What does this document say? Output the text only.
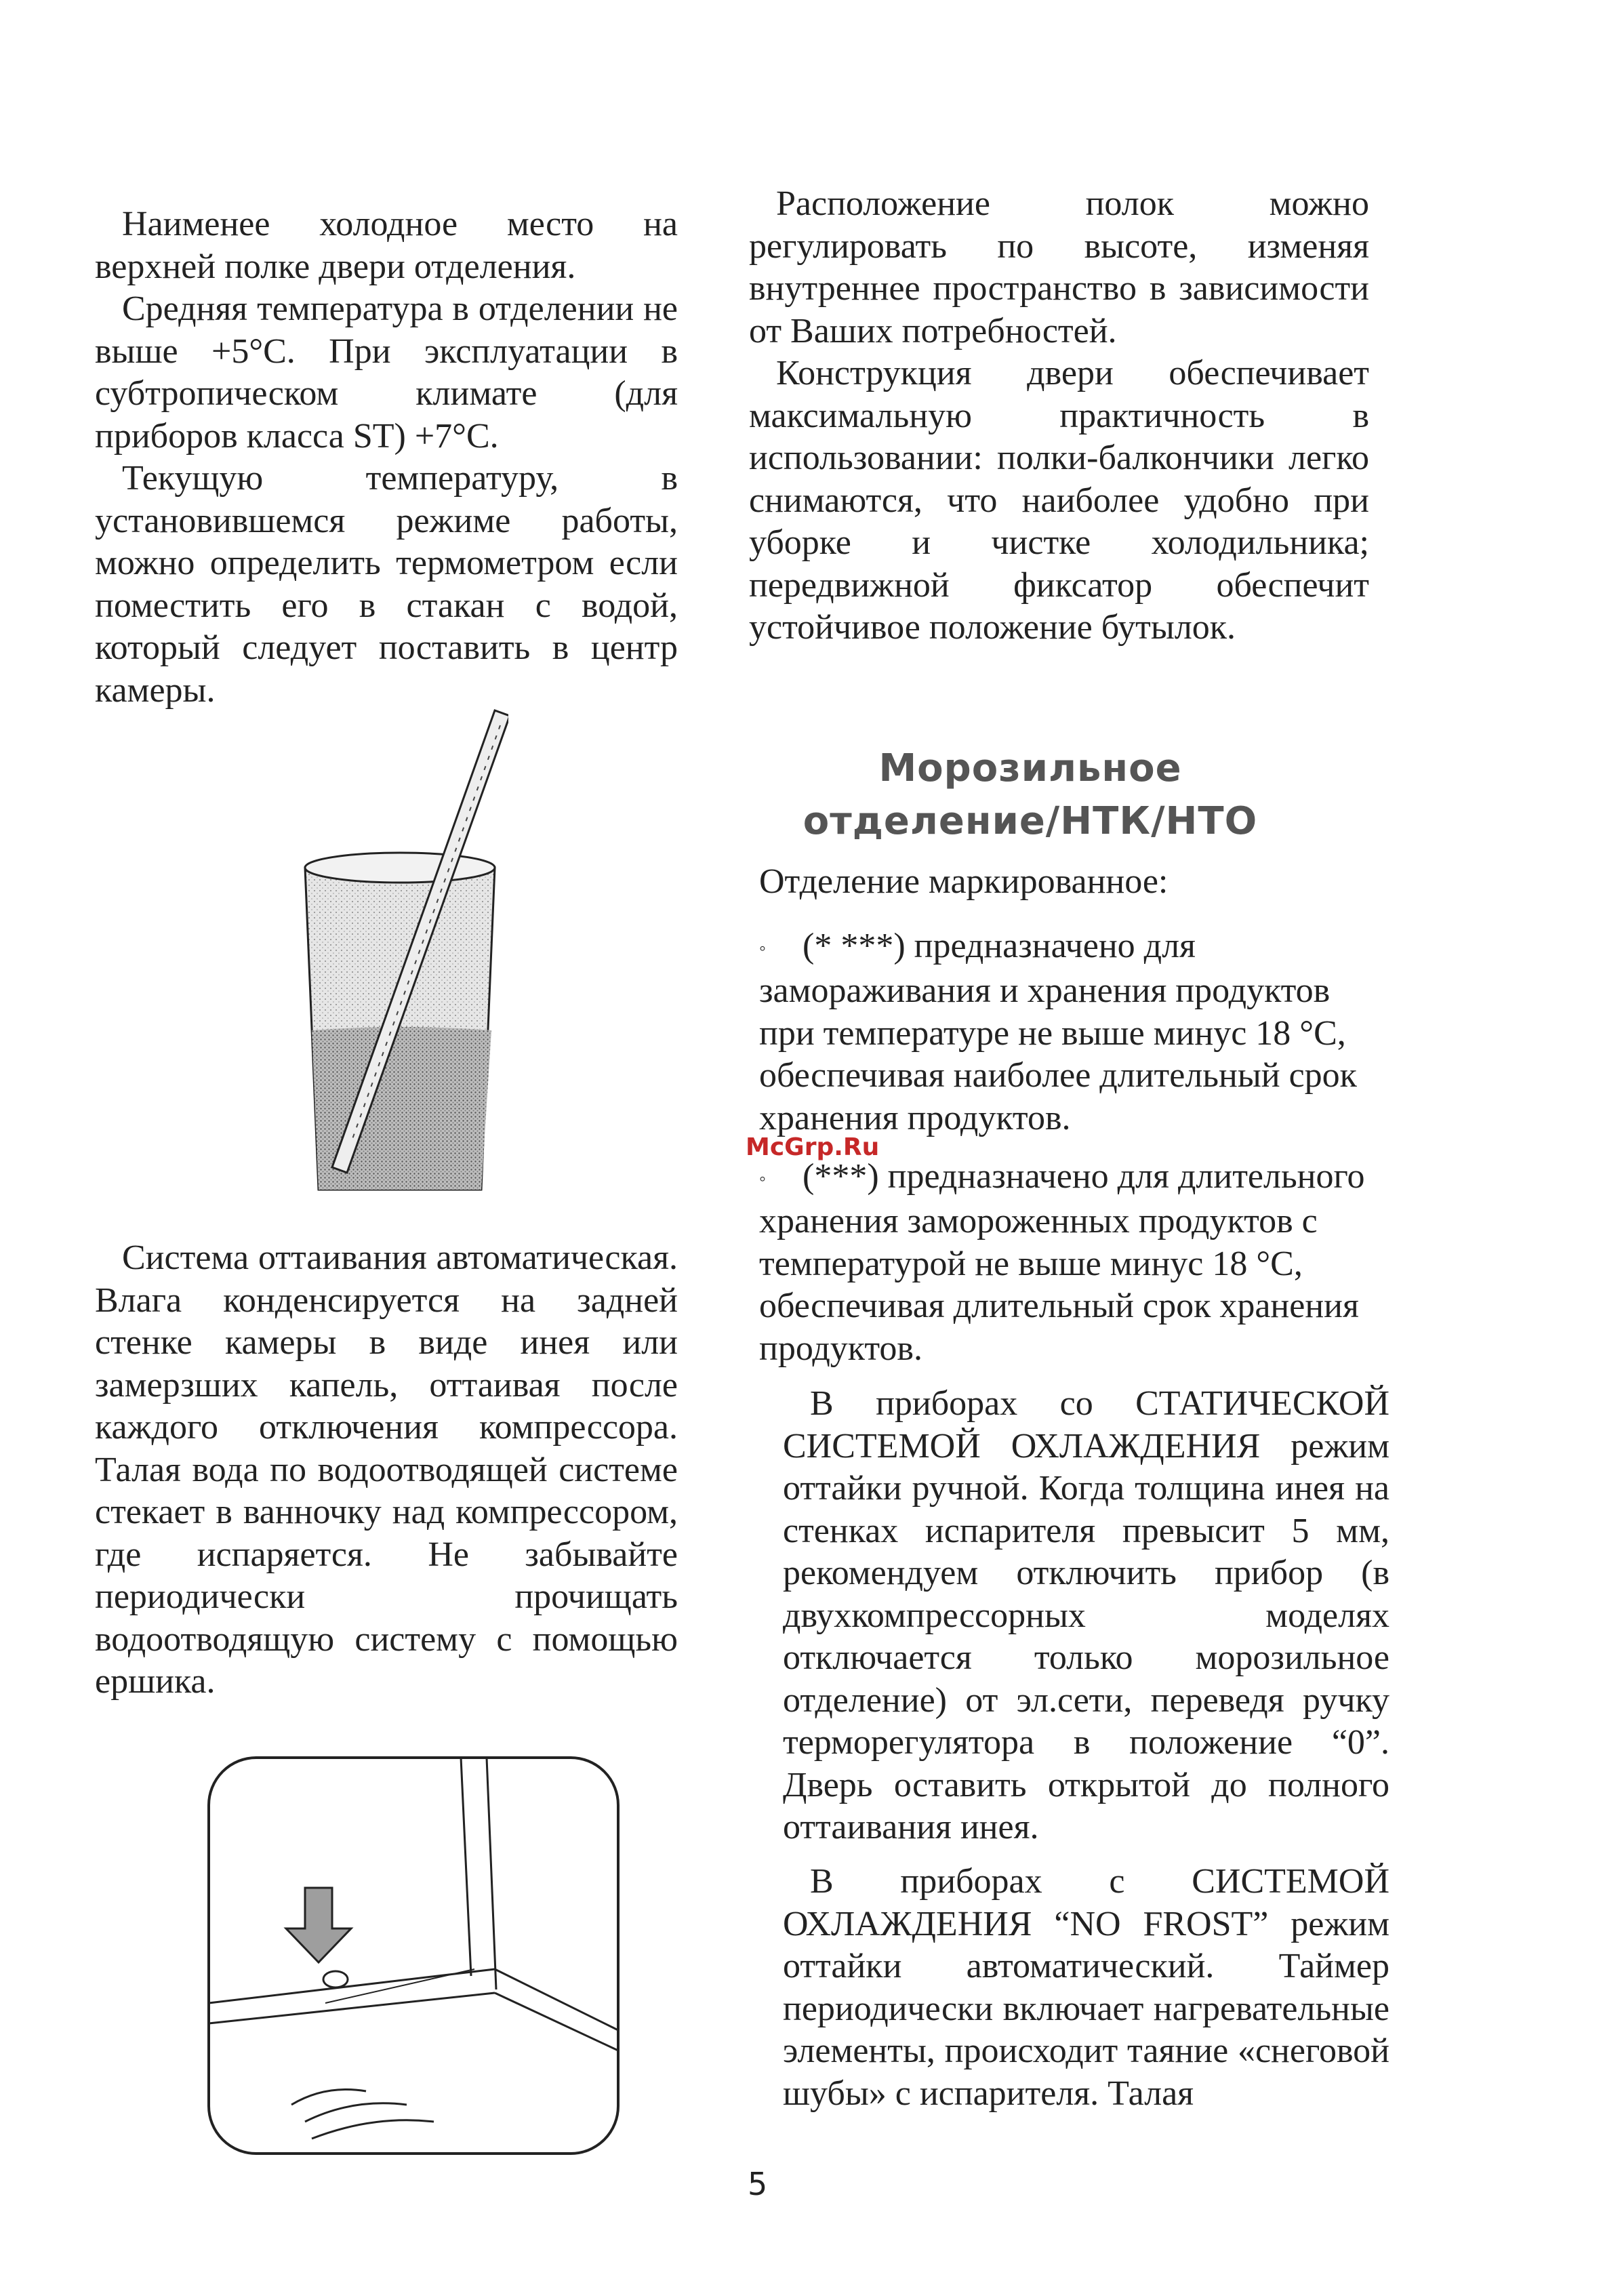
Наименее холодное место на верхней полке двери отделения.

Средняя температура в отделении не выше +5°С. При эксплуатации в субтропическом климате (для приборов класса ST) +7°С.

Текущую температуру, в установившемся режиме работы, можно определить термометром если поместить его в стакан с водой, который следует поставить в центр камеры.

Система оттаивания автоматическая. Влага конденсируется на задней стенке камеры в виде инея или замерзших капель, оттаивая после каждого отключения компрессора. Талая вода по водоотводящей системе стекает в ванночку над компрессором, где испаряется. Не забывайте периодически прочищать водоотводящую систему с помощью ершика.

Расположение полок можно регулировать по высоте, изменяя внутреннее пространство в зависимости от Ваших потребностей.

Конструкция двери обеспечивает максимальную практичность в использовании: полки-балкончики легко снимаются, что наиболее удобно при уборке и чистке холодильника; передвижной фиксатор обеспечит устойчивое положение бутылок.

Морозильное отделение/НТК/НТО

Отделение маркированное:

◦ (* ***) предназначено для замораживания и хранения продуктов при температуре не выше минус 18 °С, обеспечивая наиболее длительный срок хранения продуктов.

◦ (***) предназначено для длительного хранения замороженных продуктов с температурой не выше минус 18 °С, обеспечивая длительный срок хранения продуктов.

В приборах со СТАТИЧЕСКОЙ СИСТЕМОЙ ОХЛАЖДЕНИЯ режим оттайки ручной. Когда толщина инея на стенках испарителя превысит 5 мм, рекомендуем отключить прибор (в двухкомпрессорных моделях отключается только морозильное отделение) от эл.сети, переведя ручку терморегулятора в положение “0”. Дверь оставить открытой до полного оттаивания инея.

В приборах с СИСТЕМОЙ ОХЛАЖДЕНИЯ “NO FROST” режим оттайки автоматический. Таймер периодически включает нагревательные элементы, происходит таяние «снеговой шубы» с испарителя. Талая

McGrp.Ru
5
